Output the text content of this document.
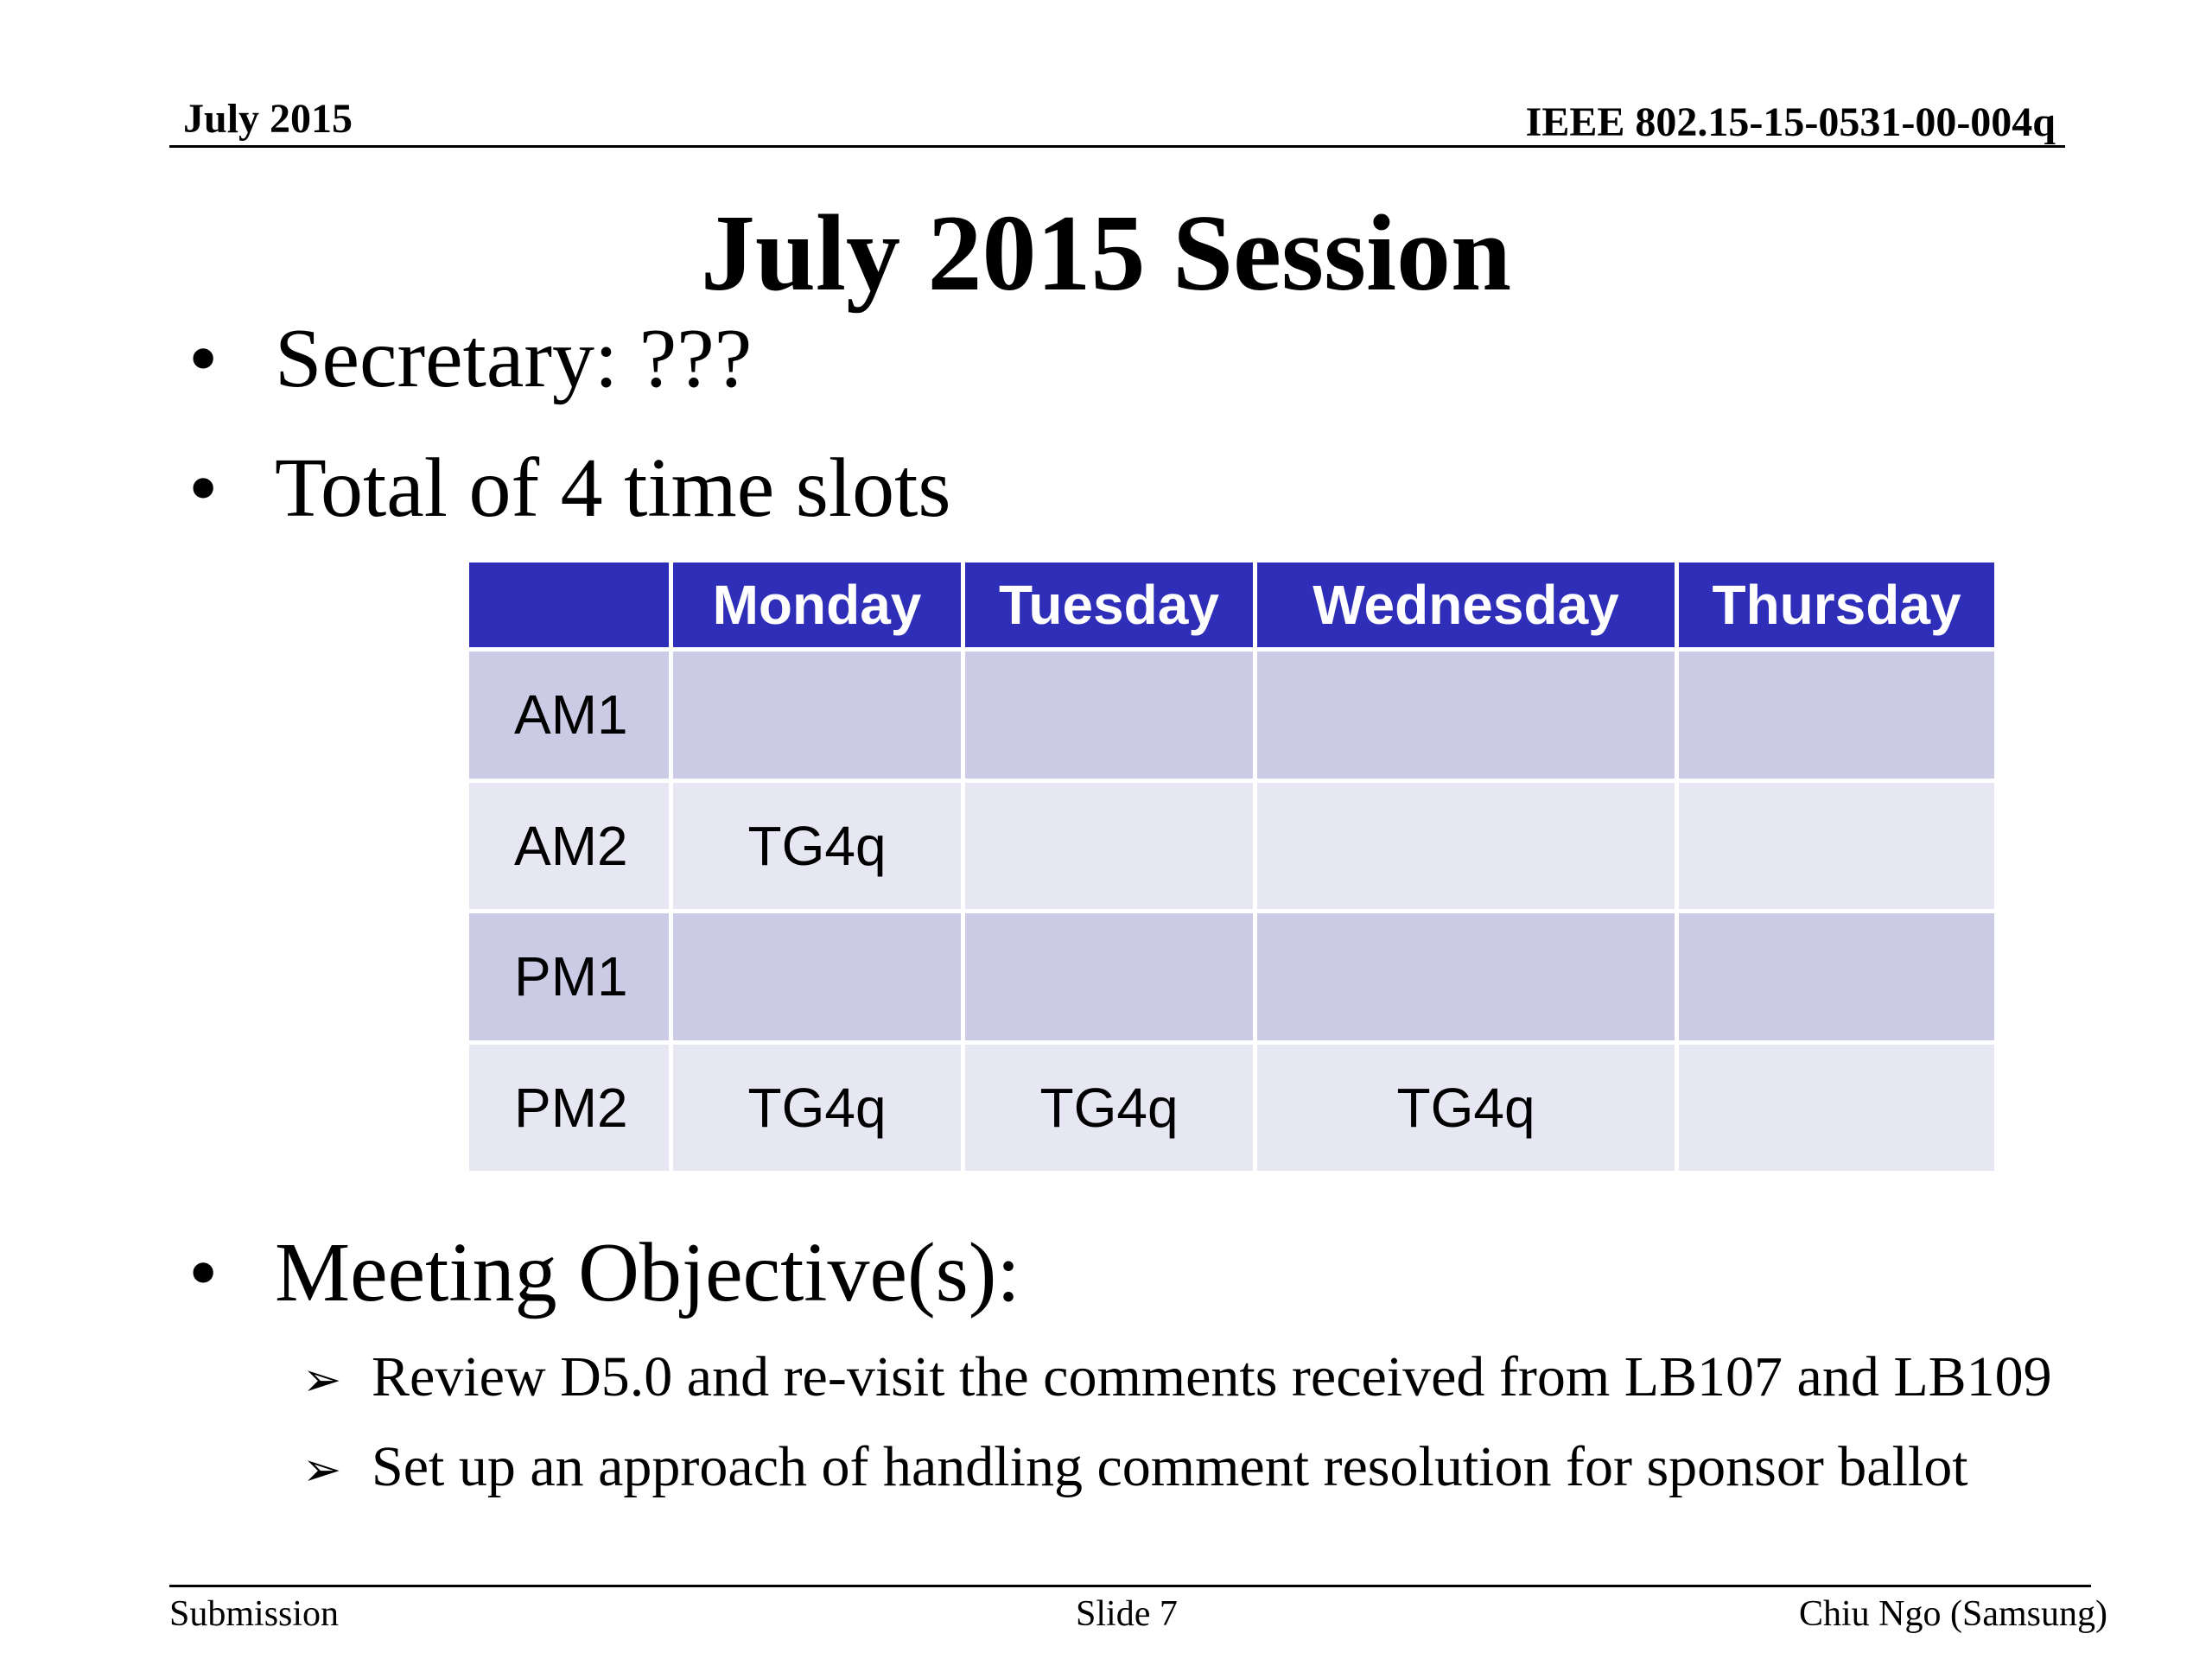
July 2015	IEEE 802.15-15-0531-00-004q
July 2015 Session
• Secretary: ???
• Total of 4 time slots
	Monday	Tuesday	Wednesday	Thursday
AM1				
AM2	TG4q			
PM1				
PM2	TG4q	TG4q	TG4q	
• Meeting Objective(s):
➢ Review D5.0 and re-visit the comments received from LB107 and LB109
➢ Set up an approach of handling comment resolution for sponsor ballot
Submission	Slide 7	Chiu Ngo (Samsung)
